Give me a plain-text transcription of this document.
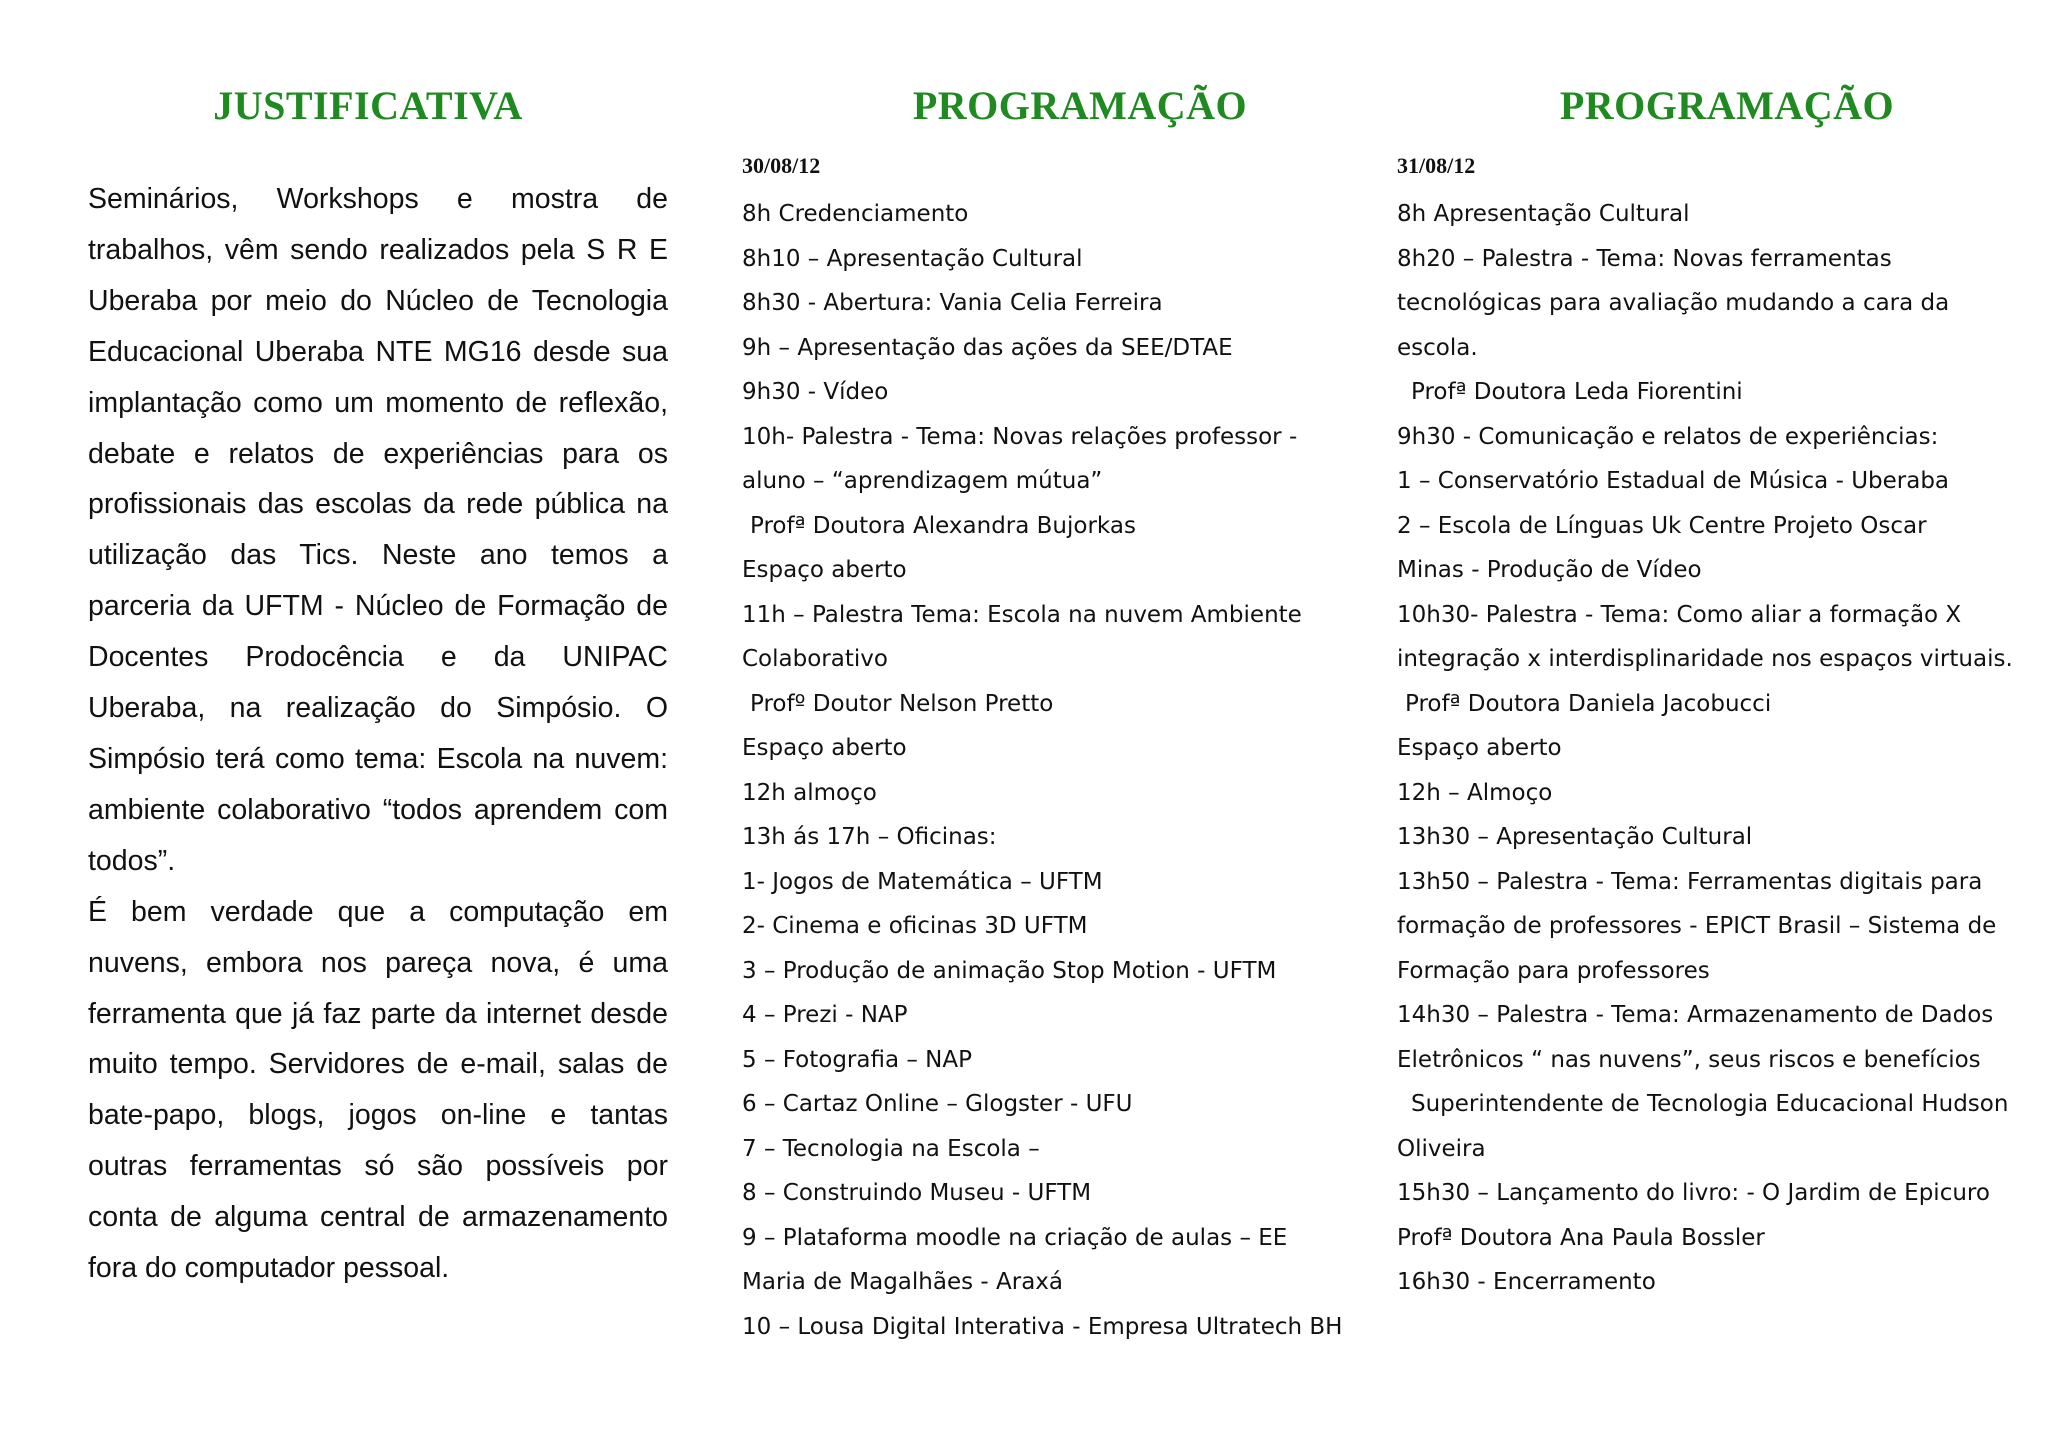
JUSTIFICATIVA

Seminários, Workshops e mostra de trabalhos, vêm sendo realizados pela S R E Uberaba por meio do Núcleo de Tecnologia Educacional Uberaba NTE MG16 desde sua implantação como um momento de reflexão, debate e relatos de experiências para os profissionais das escolas da rede pública na utilização das Tics. Neste ano temos a parceria da UFTM - Núcleo de Formação de Docentes Prodocência e da UNIPAC Uberaba, na realização do Simpósio. O Simpósio terá como tema: Escola na nuvem: ambiente colaborativo “todos aprendem com todos”.

É bem verdade que a computação em nuvens, embora nos pareça nova, é uma ferramenta que já faz parte da internet desde muito tempo. Servidores de e-mail, salas de bate-papo, blogs, jogos on-line e tantas outras ferramentas só são possíveis por conta de alguma central de armazenamento fora do computador pessoal.

PROGRAMAÇÃO
30/08/12
8h Credenciamento
8h10 – Apresentação Cultural
8h30 - Abertura: Vania Celia Ferreira
9h – Apresentação das ações da SEE/DTAE
9h30 - Vídeo
10h- Palestra - Tema: Novas relações professor -
aluno – “aprendizagem mútua”
Profª Doutora Alexandra Bujorkas
Espaço aberto
11h – Palestra Tema: Escola na nuvem Ambiente
Colaborativo
Profº Doutor Nelson Pretto
Espaço aberto
12h almoço
13h ás 17h – Oficinas:
1- Jogos de Matemática – UFTM
2- Cinema e oficinas 3D UFTM
3 – Produção de animação Stop Motion - UFTM
4 – Prezi - NAP
5 – Fotografia – NAP
6 – Cartaz Online – Glogster - UFU
7 – Tecnologia na Escola –
8 – Construindo Museu - UFTM
9 – Plataforma moodle na criação de aulas – EE
Maria de Magalhães - Araxá
10 – Lousa Digital Interativa - Empresa Ultratech BH
PROGRAMAÇÃO
31/08/12
8h Apresentação Cultural
8h20 – Palestra - Tema: Novas ferramentas
tecnológicas para avaliação mudando a cara da
escola.
Profª Doutora Leda Fiorentini
9h30 - Comunicação e relatos de experiências:
1 – Conservatório Estadual de Música - Uberaba
2 – Escola de Línguas Uk Centre Projeto Oscar
Minas - Produção de Vídeo
10h30- Palestra - Tema: Como aliar a formação X
integração x interdisplinaridade nos espaços virtuais.
Profª Doutora Daniela Jacobucci
Espaço aberto
12h – Almoço
13h30 – Apresentação Cultural
13h50 – Palestra - Tema: Ferramentas digitais para
formação de professores - EPICT Brasil – Sistema de
Formação para professores
14h30 – Palestra - Tema: Armazenamento de Dados
Eletrônicos “ nas nuvens”, seus riscos e benefícios
Superintendente de Tecnologia Educacional Hudson
Oliveira
15h30 – Lançamento do livro: - O Jardim de Epicuro
Profª Doutora Ana Paula Bossler
16h30 - Encerramento
